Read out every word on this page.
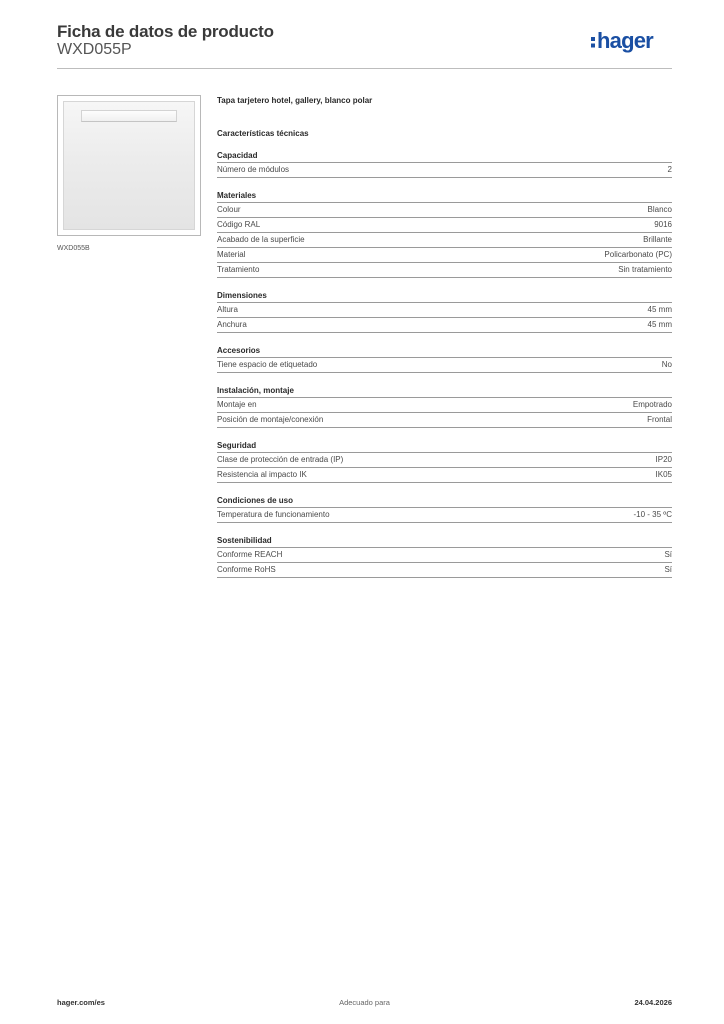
Ficha de datos de producto
WXD055P	hager
WXD055B
Tapa tarjetero hotel, gallery, blanco polar
Características técnicas
Capacidad
Número de módulos	2
Materiales
Colour	Blanco
Código RAL	9016
Acabado de la superficie	Brillante
Material	Policarbonato (PC)
Tratamiento	Sin tratamiento
Dimensiones
Altura	45 mm
Anchura	45 mm
Accesorios
Tiene espacio de etiquetado	No
Instalación, montaje
Montaje en	Empotrado
Posición de montaje/conexión	Frontal
Seguridad
Clase de protección de entrada (IP)	IP20
Resistencia al impacto IK	IK05
Condiciones de uso
Temperatura de funcionamiento	-10 - 35 ºC
Sostenibilidad
Conforme REACH	Sí
Conforme RoHS	Sí
hager.com/es	Adecuado para	24.04.2026
